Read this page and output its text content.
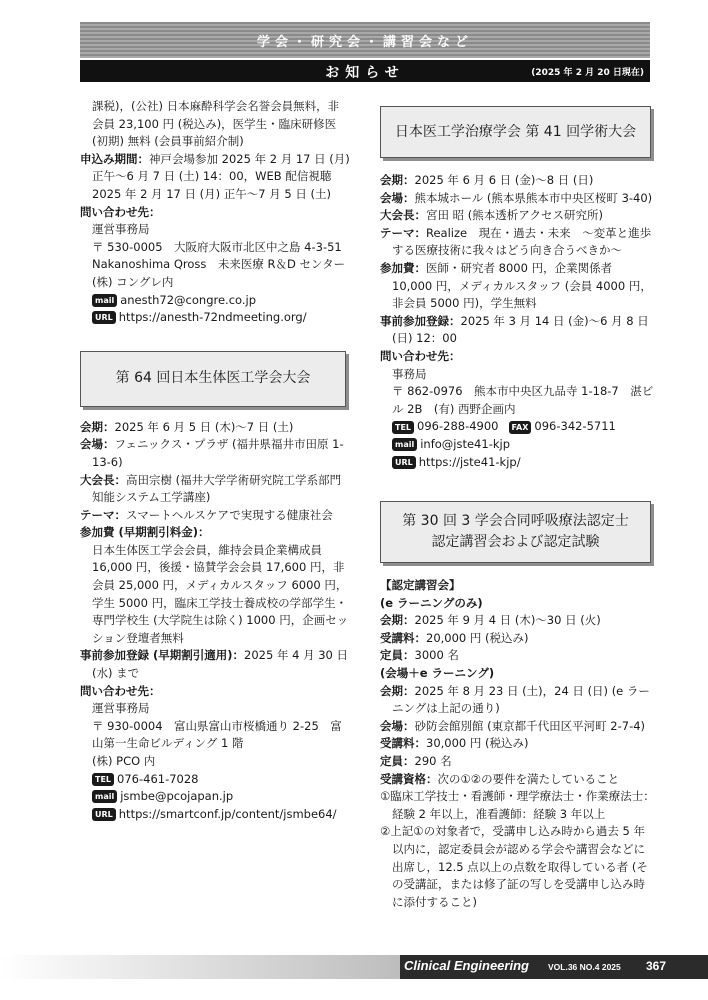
学会・研究会・講習会など
お知らせ	(2025 年 2 月 20 日現在)

課税)，(公社) 日本麻酔科学会名誉会員無料，非会員 23,100 円 (税込み)，医学生・臨床研修医 (初期) 無料 (会員事前紹介制)

申込み期間：神戸会場参加 2025 年 2 月 17 日 (月) 正午〜6 月 7 日 (土) 14：00，WEB 配信視聴 2025 年 2 月 17 日 (月) 正午〜7 月 5 日 (土)

問い合わせ先：

運営事務局

〒 530-0005　大阪府大阪市北区中之島 4-3-51 Nakanoshima Qross　未来医療 R＆D センター (株) コングレ内

mail anesth72@congre.co.jp

URL https://anesth-72ndmeeting.org/

第 64 回日本生体医工学会大会

会期：2025 年 6 月 5 日 (木)〜7 日 (土)

会場：フェニックス・プラザ (福井県福井市田原 1-13-6)

大会長：高田宗樹 (福井大学学術研究院工学系部門知能システム工学講座)

テーマ：スマートヘルスケアで実現する健康社会

参加費 (早期割引料金)：

日本生体医工学会会員，維持会員企業構成員 16,000 円，後援・協賛学会会員 17,600 円，非会員 25,000 円，メディカルスタッフ 6000 円，学生 5000 円，臨床工学技士養成校の学部学生・専門学校生 (大学院生は除く) 1000 円，企画セッション登壇者無料

事前参加登録 (早期割引適用)：2025 年 4 月 30 日 (水) まで

問い合わせ先：

運営事務局

〒 930-0004　富山県富山市桜橋通り 2-25　富山第一生命ビルディング 1 階

(株) PCO 内

TEL 076-461-7028

mail jsmbe@pcojapan.jp

URL https://smartconf.jp/content/jsmbe64/

日本医工学治療学会 第 41 回学術大会

会期：2025 年 6 月 6 日 (金)〜8 日 (日)

会場：熊本城ホール (熊本県熊本市中央区桜町 3-40)

大会長：宮田 昭 (熊本透析アクセス研究所)

テーマ：Realize　現在・過去・未来　〜変革と進歩する医療技術に我々はどう向き合うべきか〜

参加費：医師・研究者 8000 円，企業関係者 10,000 円，メディカルスタッフ (会員 4000 円，非会員 5000 円)，学生無料

事前参加登録：2025 年 3 月 14 日 (金)〜6 月 8 日 (日) 12：00

問い合わせ先：

事務局

〒 862-0976　熊本市中央区九品寺 1-18-7　湛ビル 2B　(有) 西野企画内

TEL 096-288-4900	FAX 096-342-5711

mail info@jste41-kjp

URL https://jste41-kjp/

第 30 回 3 学会合同呼吸療法認定士
認定講習会および認定試験

【認定講習会】

(e ラーニングのみ)

会期：2025 年 9 月 4 日 (木)〜30 日 (火)

受講料：20,000 円 (税込み)

定員：3000 名

(会場＋e ラーニング)

会期：2025 年 8 月 23 日 (土)，24 日 (日) (e ラーニングは上記の通り)

会場：砂防会館別館 (東京都千代田区平河町 2-7-4)

受講料：30,000 円 (税込み)

定員：290 名

受講資格：次の①②の要件を満たしていること

①臨床工学技士・看護師・理学療法士・作業療法士：経験 2 年以上，准看護師：経験 3 年以上

②上記①の対象者で，受講申し込み時から過去 5 年以内に，認定委員会が認める学会や講習会などに出席し，12.5 点以上の点数を取得している者 (その受講証，または修了証の写しを受講申し込み時に添付すること)

Clinical Engineering VOL.36 NO.4 2025 367
